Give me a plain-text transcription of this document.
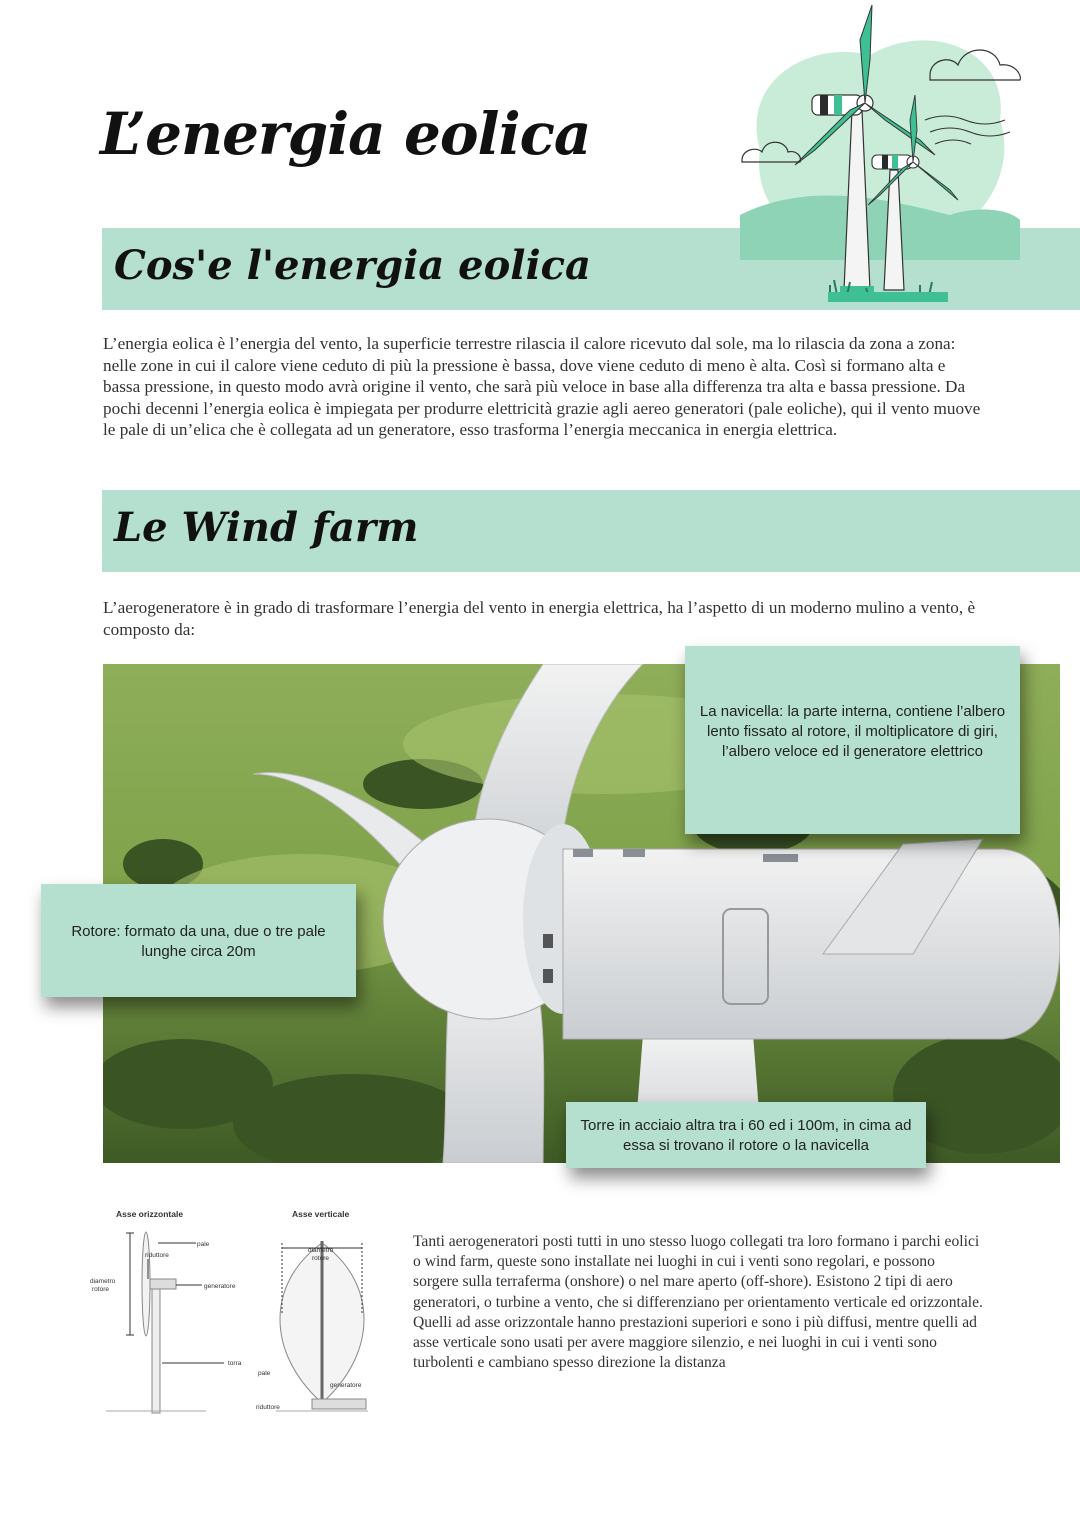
L’energia eolica
Cos'e l'energia eolica

L’energia eolica è l’energia del vento, la superficie terrestre rilascia il calore ricevuto dal sole, ma lo rilascia da zona a zona: nelle zone in cui il calore viene ceduto di più la pressione è bassa, dove viene ceduto di meno è alta. Così si formano alta e bassa pressione, in questo modo avrà origine il vento, che sarà più veloce in base alla differenza tra alta e bassa pressione. Da pochi decenni l’energia eolica è impiegata per produrre elettricità grazie agli aereo generatori (pale eoliche), qui il vento muove le pale di un’elica che è collegata ad un generatore, esso trasforma l’energia meccanica in energia elettrica.

Le Wind farm

L’aerogeneratore è in grado di trasformare l’energia del vento in energia elettrica, ha l’aspetto di un moderno mulino a vento, è composto da:

La navicella: la parte interna, contiene l’albero lento fissato al rotore, il moltiplicatore di giri, l’albero veloce ed il generatore elettrico
Rotore: formato da una, due o tre pale lunghe circa 20m
Torre in acciaio altra tra i 60 ed i 100m, in cima ad essa si trovano il rotore o la navicella
Asse orizzontale	Asse verticale
pale
riduttore
diametro
rotore	generatore
torra
diametro
rotore
pale
generatore
riduttore

Tanti aerogeneratori posti tutti in uno stesso luogo collegati tra loro formano i parchi eolici o wind farm, queste sono installate nei luoghi in cui i venti sono regolari, e possono sorgere sulla terraferma (onshore) o nel mare aperto (off-shore). Esistono 2 tipi di aero generatori, o turbine a vento, che si differenziano per orientamento verticale ed orizzontale. Quelli ad asse orizzontale hanno prestazioni superiori e sono i più diffusi, mentre quelli ad asse verticale sono usati per avere maggiore silenzio, e nei luoghi in cui i venti sono turbolenti e cambiano spesso direzione la distanza
